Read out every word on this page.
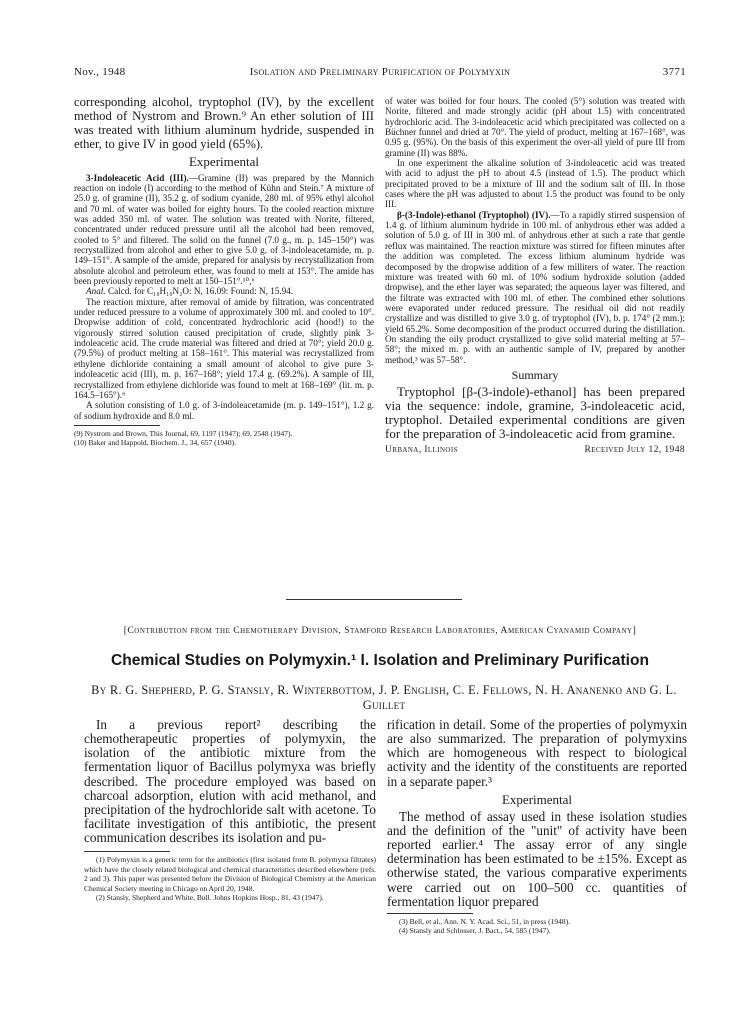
Nov., 1948	Isolation and Preliminary Purification of Polymyxin	3771

corresponding alcohol, tryptophol (IV), by the excellent method of Nystrom and Brown.⁹ An ether solution of III was treated with lithium aluminum hydride, suspended in ether, to give IV in good yield (65%).

Experimental

3-Indoleacetic Acid (III).—Gramine (II) was prepared by the Mannich reaction on indole (I) according to the method of Kühn and Stein.⁷ A mixture of 25.0 g. of gramine (II), 35.2 g. of sodium cyanide, 280 ml. of 95% ethyl alcohol and 70 ml. of water was boiled for eighty hours. To the cooled reaction mixture was added 350 ml. of water. The solution was treated with Norite, filtered, concentrated under reduced pressure until all the alcohol had been removed, cooled to 5° and filtered. The solid on the funnel (7.0 g., m. p. 145–150°) was recrystallized from alcohol and ether to give 5.0 g. of 3-indoleacetamide, m. p. 149–151°. A sample of the amide, prepared for analysis by recrystallization from absolute alcohol and petroleum ether, was found to melt at 153°. The amide has been previously reported to melt at 150–151°.¹⁰,⁶

Anal. Calcd. for C₁₀H₁₀N₂O: N, 16.09: Found: N, 15.94.

The reaction mixture, after removal of amide by filtration, was concentrated under reduced pressure to a volume of approximately 300 ml. and cooled to 10°. Dropwise addition of cold, concentrated hydrochloric acid (hood!) to the vigorously stirred solution caused precipitation of crude, slightly pink 3-indoleacetic acid. The crude material was filtered and dried at 70°; yield 20.0 g. (79.5%) of product melting at 158–161°. This material was recrystallized from ethylene dichloride containing a small amount of alcohol to give pure 3-indoleacetic acid (III), m. p. 167–168°; yield 17.4 g. (69.2%). A sample of III, recrystallized from ethylene dichloride was found to melt at 168–169° (lit. m. p. 164.5–165°).⁶

A solution consisting of 1.0 g. of 3-indoleacetamide (m. p. 149–151°), 1.2 g. of sodium hydroxide and 8.0 ml.

(9) Nystrom and Brown, This Journal, 69, 1197 (1947); 69, 2548 (1947).

(10) Baker and Happold, Biochem. J., 34, 657 (1940).

of water was boiled for four hours. The cooled (5°) solution was treated with Norite, filtered and made strongly acidic (pH about 1.5) with concentrated hydrochloric acid. The 3-indoleacetic acid which precipitated was collected on a Büchner funnel and dried at 70°. The yield of product, melting at 167–168°, was 0.95 g. (95%). On the basis of this experiment the over-all yield of pure III from gramine (II) was 88%.

In one experiment the alkaline solution of 3-indoleacetic acid was treated with acid to adjust the pH to about 4.5 (instead of 1.5). The product which precipitated proved to be a mixture of III and the sodium salt of III. In those cases where the pH was adjusted to about 1.5 the product was found to be only III.

β-(3-Indole)-ethanol (Tryptophol) (IV).—To a rapidly stirred suspension of 1.4 g. of lithium aluminum hydride in 100 ml. of anhydrous ether was added a solution of 5.0 g. of III in 300 ml. of anhydrous ether at such a rate that gentle reflux was maintained. The reaction mixture was stirred for fifteen minutes after the addition was completed. The excess lithium aluminum hydride was decomposed by the dropwise addition of a few milliters of water. The reaction mixture was treated with 60 ml. of 10% sodium hydroxide solution (added dropwise), and the ether layer was separated; the aqueous layer was filtered, and the filtrate was extracted with 100 ml. of ether. The combined ether solutions were evaporated under reduced pressure. The residual oil did not readily crystallize and was distilled to give 3.0 g. of tryptophol (IV), b. p. 174° (2 mm.); yield 65.2%. Some decomposition of the product occurred during the distillation. On standing the oily product crystallized to give solid material melting at 57–58°; the mixed m. p. with an authentic sample of IV, prepared by another method,³ was 57–58°.

Summary

Tryptophol [β-(3-indole)-ethanol] has been prepared via the sequence: indole, gramine, 3-indoleacetic acid, tryptophol. Detailed experimental conditions are given for the preparation of 3-indoleacetic acid from gramine.

Urbana, Illinois	Received July 12, 1948
[Contribution from the Chemotherapy Division, Stamford Research Laboratories, American Cyanamid Company]
Chemical Studies on Polymyxin.¹ I. Isolation and Preliminary Purification
By R. G. Shepherd, P. G. Stansly, R. Winterbottom, J. P. English, C. E. Fellows, N. H. Ananenko and G. L. Guillet

In a previous report² describing the chemotherapeutic properties of polymyxin, the isolation of the antibiotic mixture from the fermentation liquor of Bacillus polymyxa was briefly described. The procedure employed was based on charcoal adsorption, elution with acid methanol, and precipitation of the hydrochloride salt with acetone. To facilitate investigation of this antibiotic, the present communication describes its isolation and pu-

(1) Polymyxin is a generic term for the antibiotics (first isolated from B. polymyxa filtrates) which have the closely related biological and chemical characteristics described elsewhere (refs. 2 and 3). This paper was presented before the Division of Biological Chemistry at the American Chemical Society meeting in Chicago on April 20, 1948.

(2) Stansly, Shepherd and White, Bull. Johns Hopkins Hosp., 81, 43 (1947).

rification in detail. Some of the properties of polymyxin are also summarized. The preparation of polymyxins which are homogeneous with respect to biological activity and the identity of the constituents are reported in a separate paper.³

Experimental

The method of assay used in these isolation studies and the definition of the "unit" of activity have been reported earlier.⁴ The assay error of any single determination has been estimated to be ±15%. Except as otherwise stated, the various comparative experiments were carried out on 100–500 cc. quantities of fermentation liquor prepared

(3) Bell, et al., Ann. N. Y. Acad. Sci., 51, in press (1948).

(4) Stansly and Schlosser, J. Bact., 54, 585 (1947).
